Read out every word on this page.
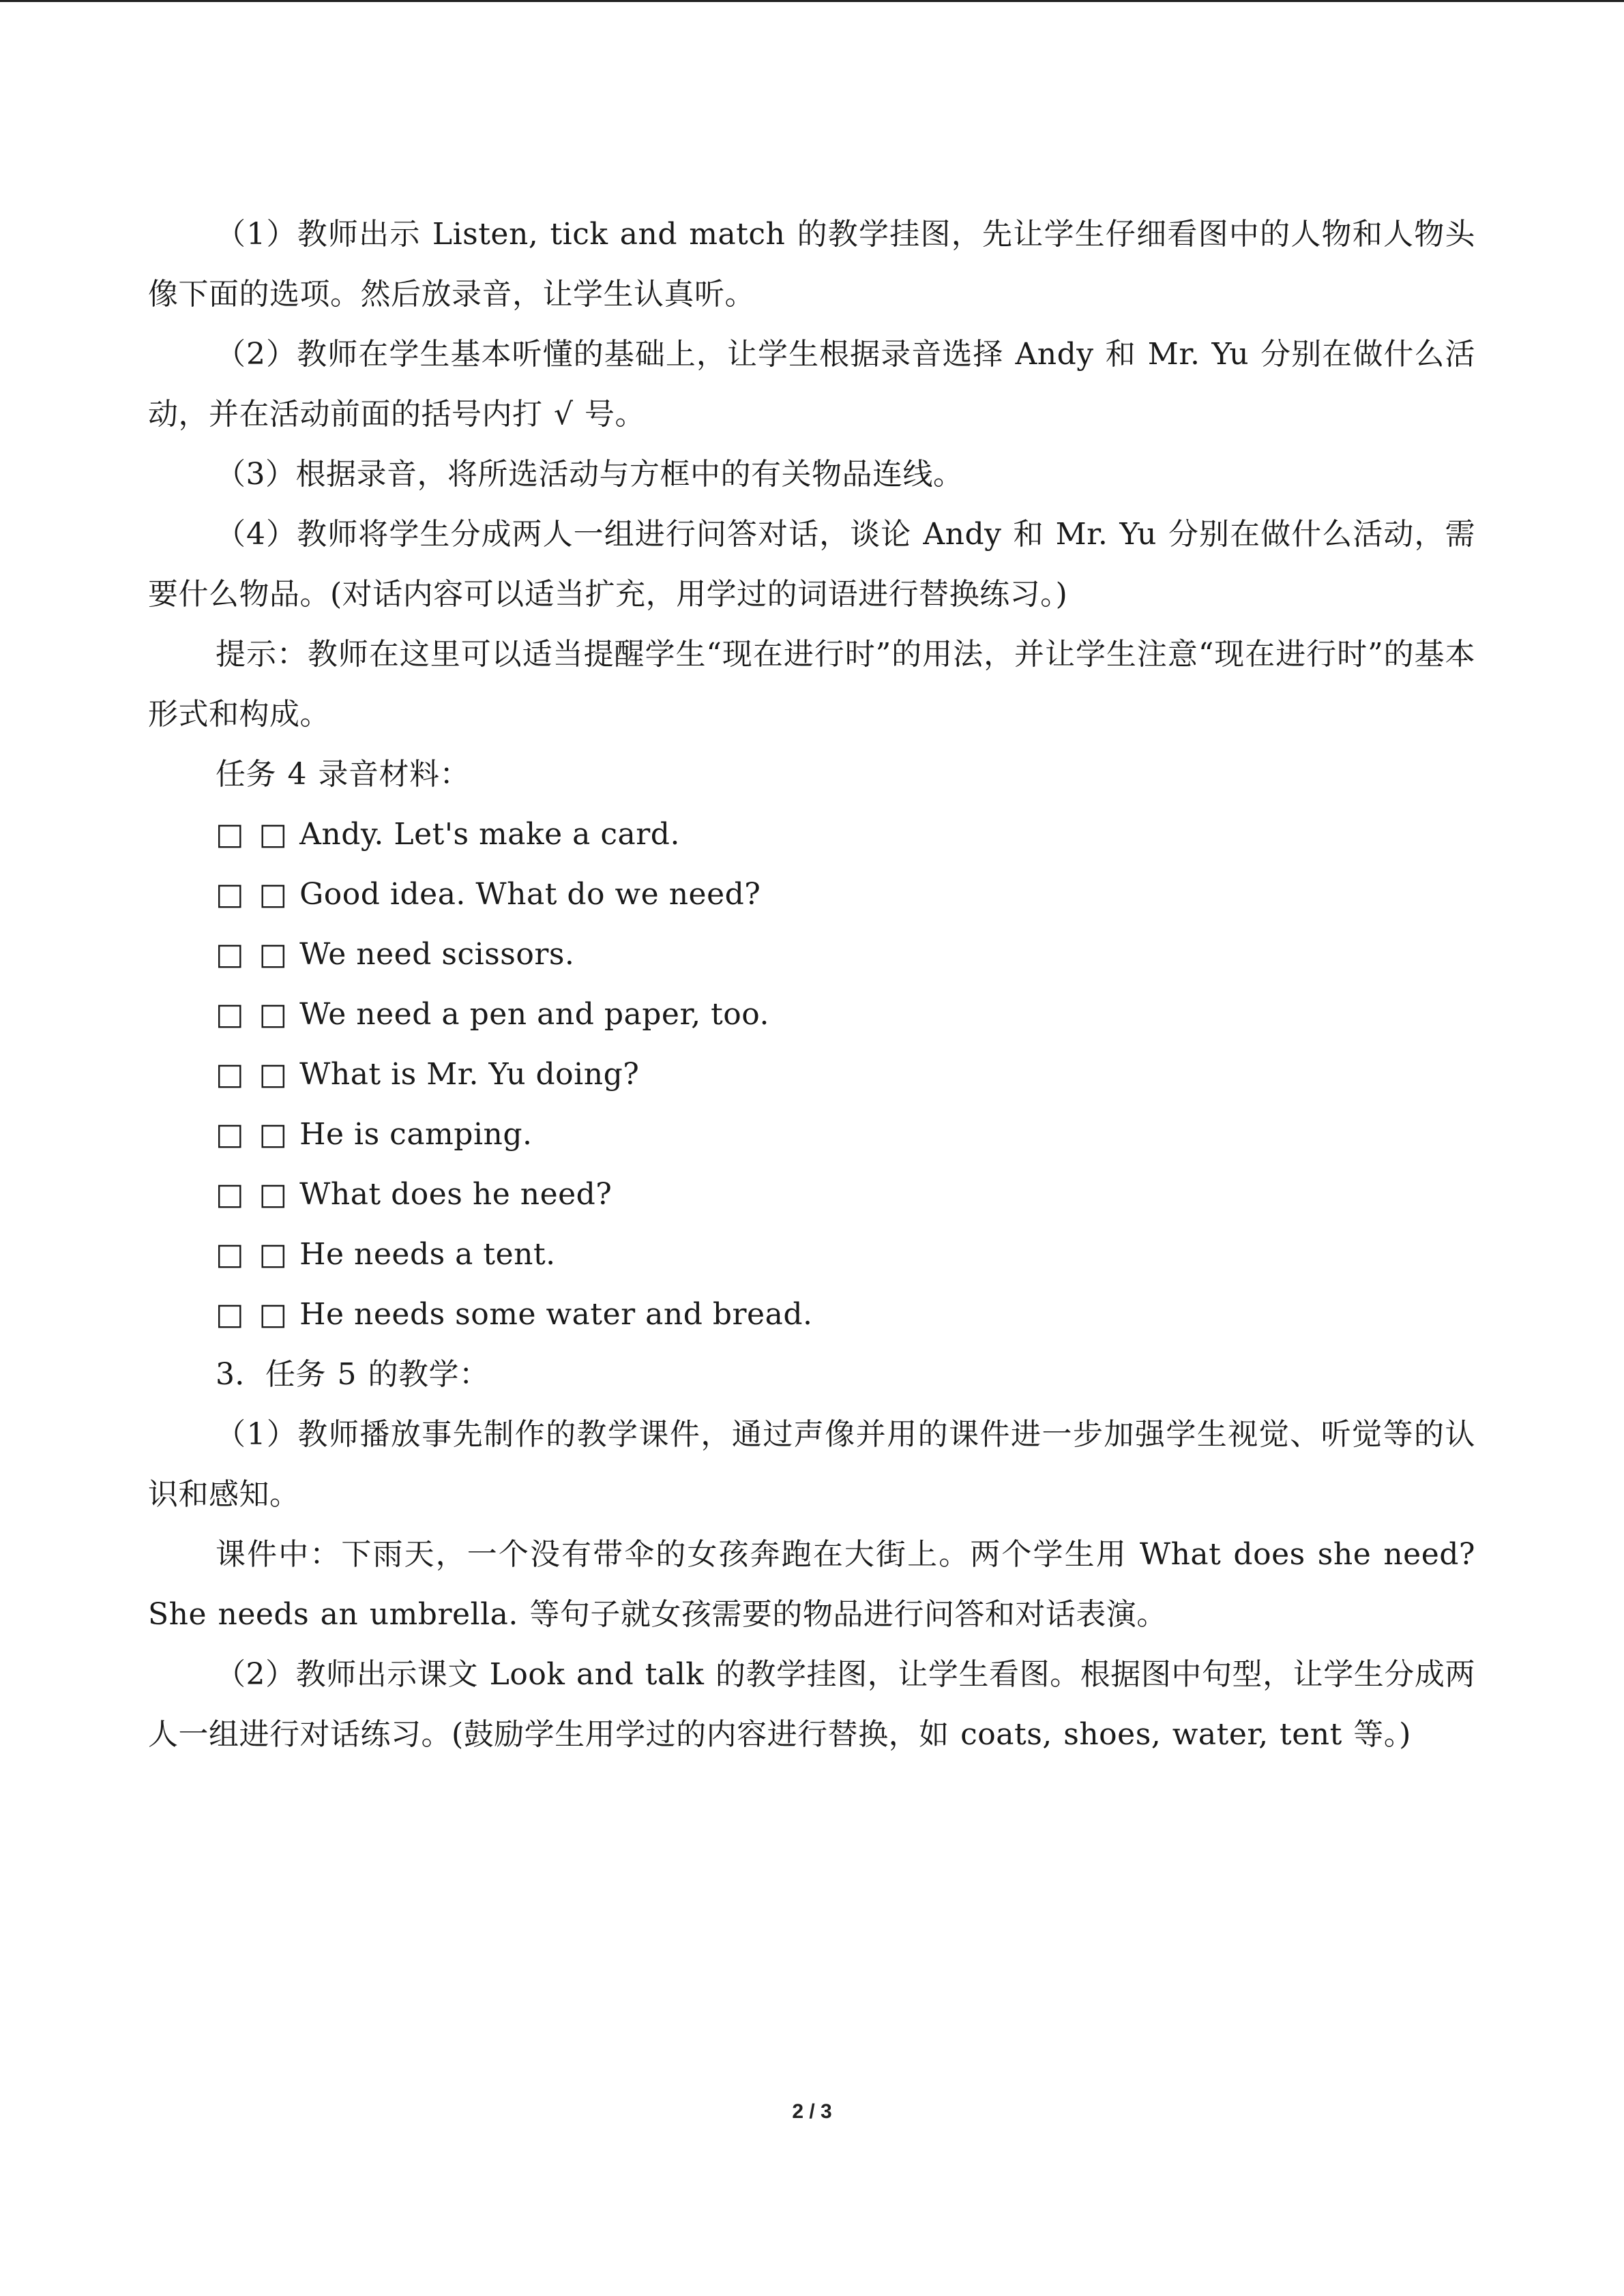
（1）教师出示 Listen, tick and match 的教学挂图，先让学生仔细看图中的人物和人物头像下面的选项。然后放录音，让学生认真听。

（2）教师在学生基本听懂的基础上，让学生根据录音选择 Andy 和 Mr. Yu 分别在做什么活动，并在活动前面的括号内打 √ 号。

（3）根据录音，将所选活动与方框中的有关物品连线。

（4）教师将学生分成两人一组进行问答对话，谈论 Andy 和 Mr. Yu 分别在做什么活动，需要什么物品。(对话内容可以适当扩充，用学过的词语进行替换练习。)

提示：教师在这里可以适当提醒学生“现在进行时”的用法，并让学生注意“现在进行时”的基本形式和构成。

任务 4 录音材料：

□ □ Andy. Let's make a card.

□ □ Good idea. What do we need?

□ □ We need scissors.

□ □ We need a pen and paper, too.

□ □ What is Mr. Yu doing?

□ □ He is camping.

□ □ What does he need?

□ □ He needs a tent.

□ □ He needs some water and bread.

3．任务 5 的教学：

（1）教师播放事先制作的教学课件，通过声像并用的课件进一步加强学生视觉、听觉等的认识和感知。

课件中：下雨天，一个没有带伞的女孩奔跑在大街上。两个学生用 What does she need? She needs an umbrella. 等句子就女孩需要的物品进行问答和对话表演。

（2）教师出示课文 Look and talk 的教学挂图，让学生看图。根据图中句型，让学生分成两人一组进行对话练习。(鼓励学生用学过的内容进行替换，如 coats, shoes, water, tent 等。)

2 / 3
